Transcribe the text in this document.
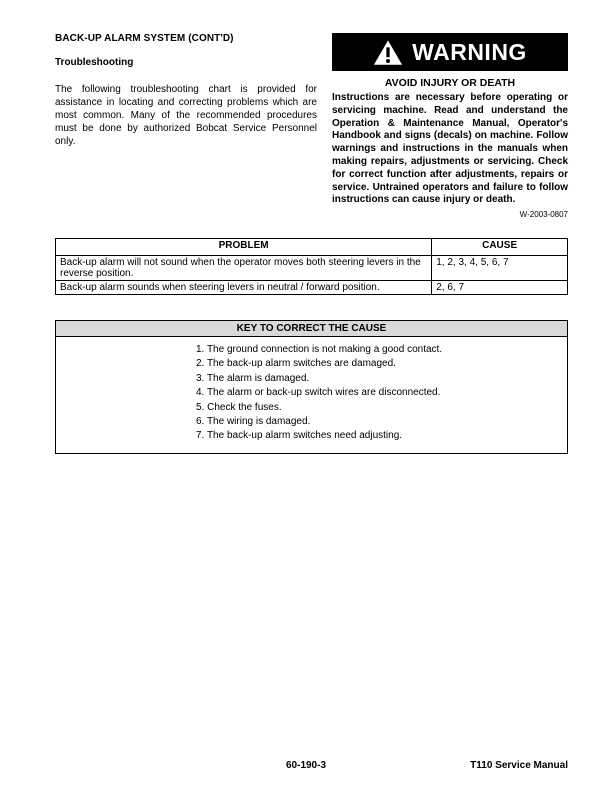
BACK-UP ALARM SYSTEM (CONT'D)
Troubleshooting

The following troubleshooting chart is provided for assistance in locating and correcting problems which are most common. Many of the recommended procedures must be done by authorized Bobcat Service Personnel only.

WARNING
AVOID INJURY OR DEATH

Instructions are necessary before operating or servicing machine. Read and understand the Operation & Maintenance Manual, Operator's Handbook and signs (decals) on machine. Follow warnings and instructions in the manuals when making repairs, adjustments or servicing. Check for correct function after adjustments, repairs or service. Untrained operators and failure to follow instructions can cause injury or death.

W-2003-0807
PROBLEM	CAUSE
Back-up alarm will not sound when the operator moves both steering levers in the reverse position.	1, 2, 3, 4, 5, 6, 7
Back-up alarm sounds when steering levers in neutral / forward position.	2, 6, 7
KEY TO CORRECT THE CAUSE
1. The ground connection is not making a good contact.
2. The back-up alarm switches are damaged.
3. The alarm is damaged.
4. The alarm or back-up switch wires are disconnected.
5. Check the fuses.
6. The wiring is damaged.
7. The back-up alarm switches need adjusting.
60-190-3	T110 Service Manual
